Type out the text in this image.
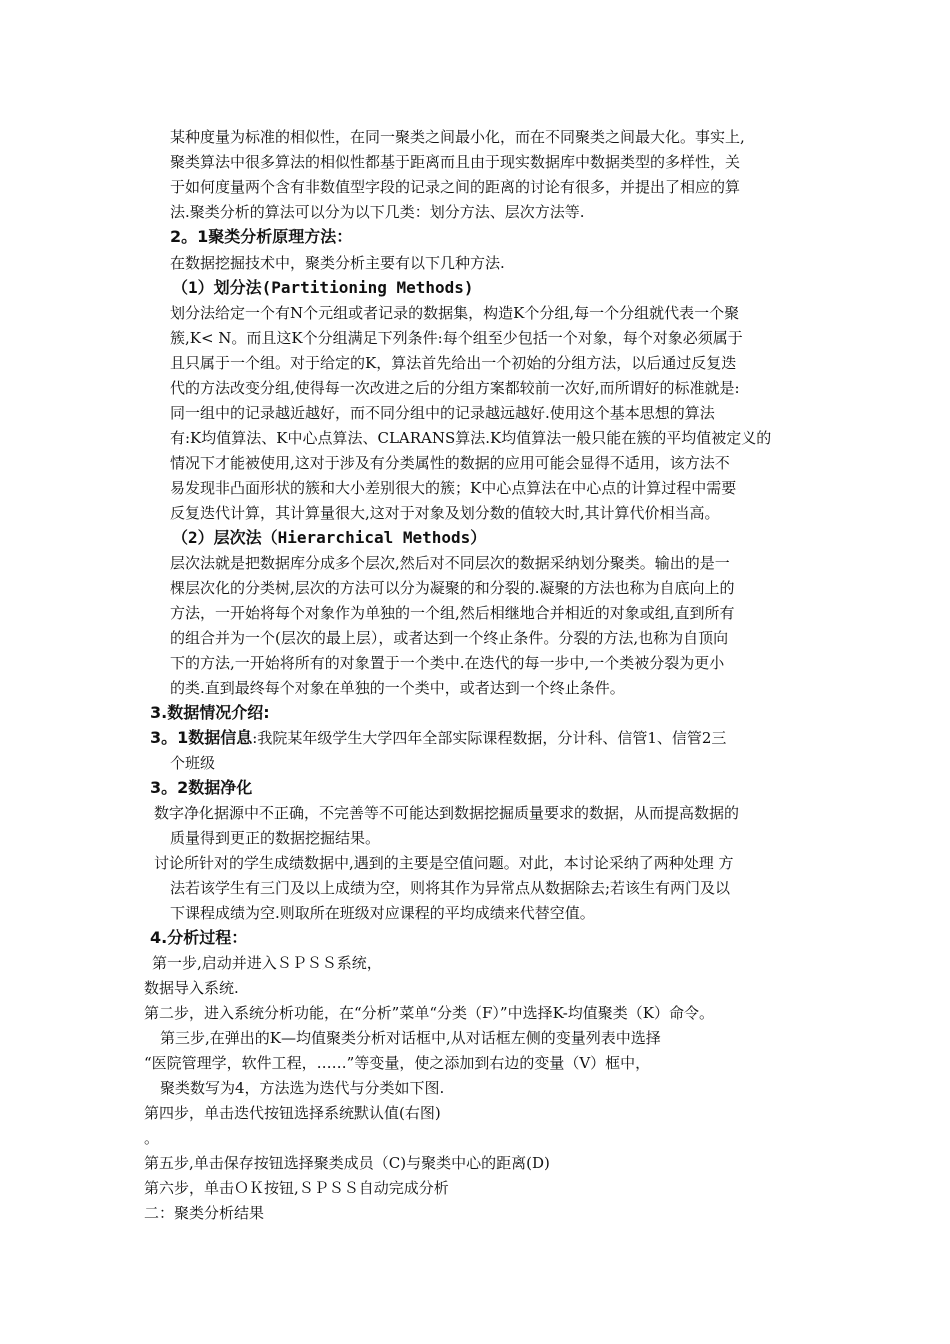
某种度量为标准的相似性，在同一聚类之间最小化，而在不同聚类之间最大化。事实上,
聚类算法中很多算法的相似性都基于距离而且由于现实数据库中数据类型的多样性，关
于如何度量两个含有非数值型字段的记录之间的距离的讨论有很多，并提出了相应的算
法.聚类分析的算法可以分为以下几类：划分方法、层次方法等.
2。1聚类分析原理方法：
在数据挖掘技术中，聚类分析主要有以下几种方法.
（1）划分法(Partitioning Methods)
划分法给定一个有N个元组或者记录的数据集，构造K个分组,每一个分组就代表一个聚
簇,K< N。而且这K个分组满足下列条件:每个组至少包括一个对象，每个对象必须属于
且只属于一个组。对于给定的K，算法首先给出一个初始的分组方法，以后通过反复迭
代的方法改变分组,使得每一次改进之后的分组方案都较前一次好,而所谓好的标准就是:
同一组中的记录越近越好，而不同分组中的记录越远越好.使用这个基本思想的算法
有:K均值算法、K中心点算法、CLARANS算法.K均值算法一般只能在簇的平均值被定义的
情况下才能被使用,这对于涉及有分类属性的数据的应用可能会显得不适用，该方法不
易发现非凸面形状的簇和大小差别很大的簇；K中心点算法在中心点的计算过程中需要
反复迭代计算，其计算量很大,这对于对象及划分数的值较大时,其计算代价相当高。
（2）层次法（Hierarchical Methods）
层次法就是把数据库分成多个层次,然后对不同层次的数据采纳划分聚类。输出的是一
棵层次化的分类树,层次的方法可以分为凝聚的和分裂的.凝聚的方法也称为自底向上的
方法，一开始将每个对象作为单独的一个组,然后相继地合并相近的对象或组,直到所有
的组合并为一个(层次的最上层），或者达到一个终止条件。分裂的方法,也称为自顶向
下的方法,一开始将所有的对象置于一个类中.在迭代的每一步中,一个类被分裂为更小
的类.直到最终每个对象在单独的一个类中，或者达到一个终止条件。
3.数据情况介绍:
3。1数据信息:我院某年级学生大学四年全部实际课程数据，分计科、信管1、信管2三
个班级
3。2数据净化
数字净化据源中不正确，不完善等不可能达到数据挖掘质量要求的数据，从而提高数据的
质量得到更正的数据挖掘结果。
讨论所针对的学生成绩数据中,遇到的主要是空值问题。对此，本讨论采纳了两种处理 方
法若该学生有三门及以上成绩为空，则将其作为异常点从数据除去;若该生有两门及以
下课程成绩为空.则取所在班级对应课程的平均成绩来代替空值。
4.分析过程：
第一步,启动并进入ＳＰＳＳ系统，
数据导入系统.
第二步，进入系统分析功能，在“分析”菜单“分类（F）”中选择K-均值聚类（K）命令。
第三步,在弹出的K—均值聚类分析对话框中,从对话框左侧的变量列表中选择
“医院管理学，软件工程，……”等变量，使之添加到右边的变量（V）框中，
聚类数写为4，方法选为迭代与分类如下图.
第四步，单击迭代按钮选择系统默认值(右图)
。
第五步,单击保存按钮选择聚类成员（C)与聚类中心的距离(D)
第六步，单击ＯＫ按钮,ＳＰＳＳ自动完成分析
二：聚类分析结果
